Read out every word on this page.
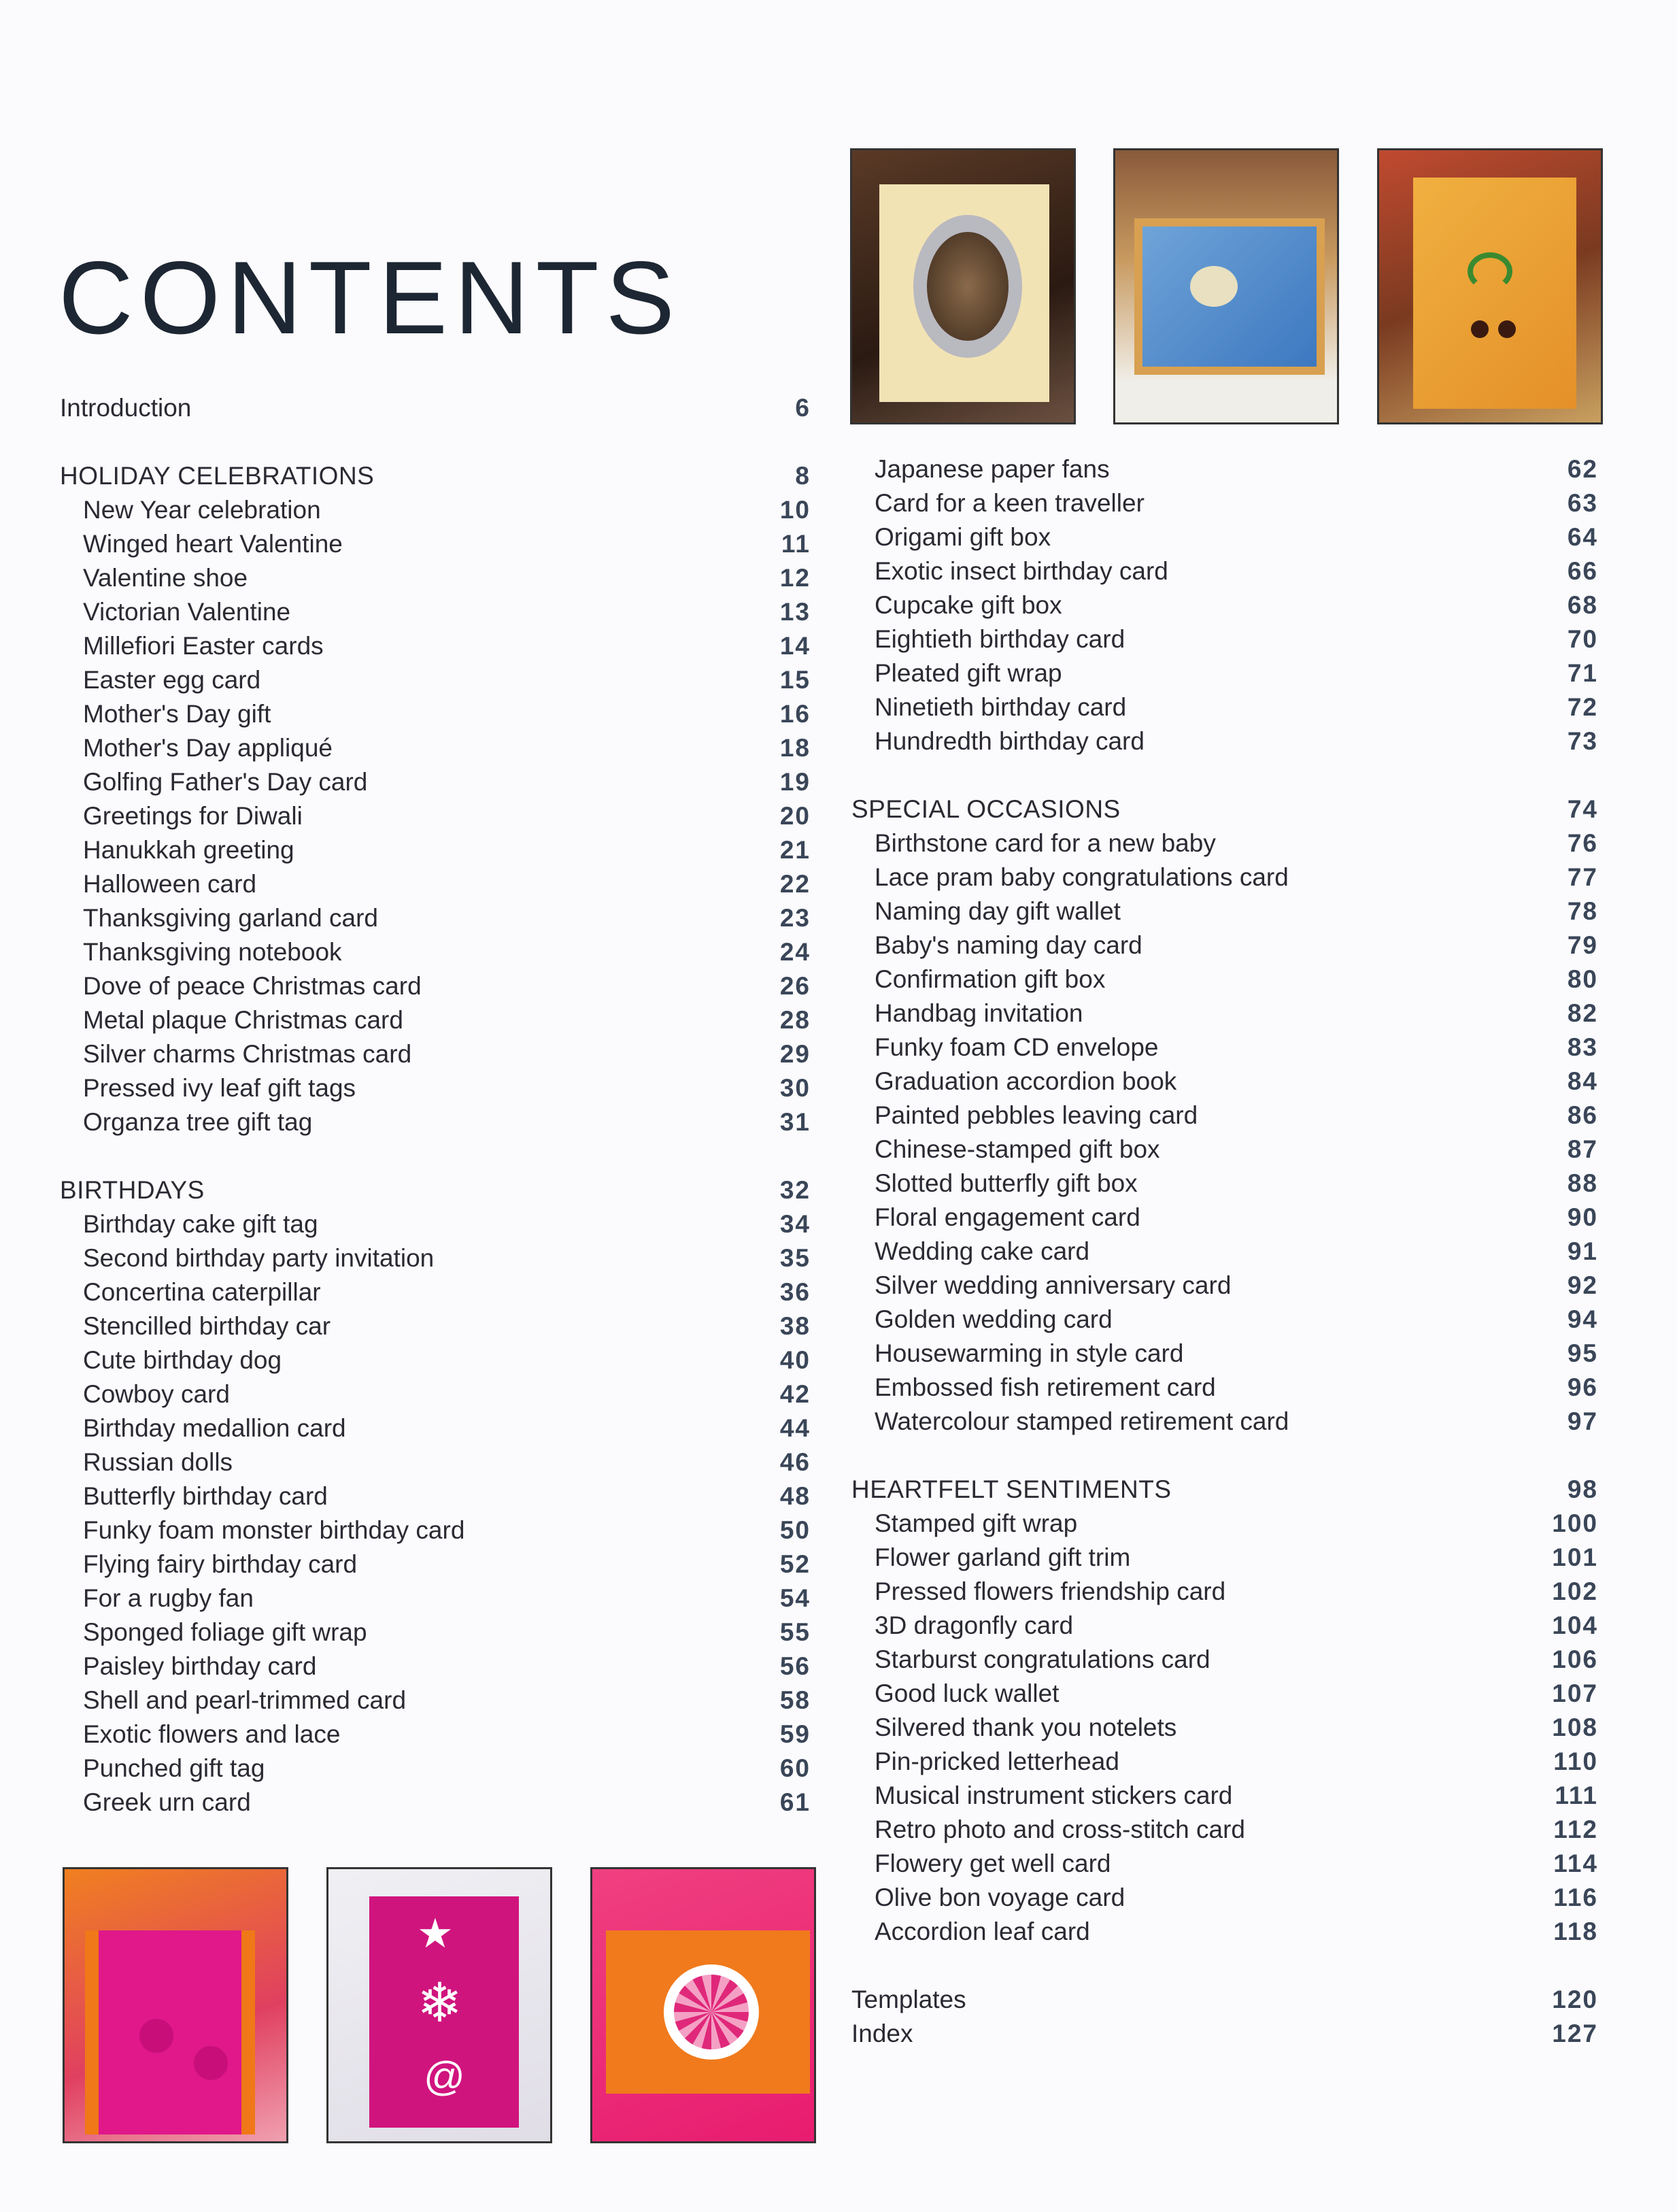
CONTENTS
Introduction	6
HOLIDAY CELEBRATIONS	8
New Year celebration	10
Winged heart Valentine	11
Valentine shoe	12
Victorian Valentine	13
Millefiori Easter cards	14
Easter egg card	15
Mother's Day gift	16
Mother's Day appliqué	18
Golfing Father's Day card	19
Greetings for Diwali	20
Hanukkah greeting	21
Halloween card	22
Thanksgiving garland card	23
Thanksgiving notebook	24
Dove of peace Christmas card	26
Metal plaque Christmas card	28
Silver charms Christmas card	29
Pressed ivy leaf gift tags	30
Organza tree gift tag	31
BIRTHDAYS	32
Birthday cake gift tag	34
Second birthday party invitation	35
Concertina caterpillar	36
Stencilled birthday car	38
Cute birthday dog	40
Cowboy card	42
Birthday medallion card	44
Russian dolls	46
Butterfly birthday card	48
Funky foam monster birthday card	50
Flying fairy birthday card	52
For a rugby fan	54
Sponged foliage gift wrap	55
Paisley birthday card	56
Shell and pearl-trimmed card	58
Exotic flowers and lace	59
Punched gift tag	60
Greek urn card	61
Japanese paper fans	62
Card for a keen traveller	63
Origami gift box	64
Exotic insect birthday card	66
Cupcake gift box	68
Eightieth birthday card	70
Pleated gift wrap	71
Ninetieth birthday card	72
Hundredth birthday card	73
SPECIAL OCCASIONS	74
Birthstone card for a new baby	76
Lace pram baby congratulations card	77
Naming day gift wallet	78
Baby's naming day card	79
Confirmation gift box	80
Handbag invitation	82
Funky foam CD envelope	83
Graduation accordion book	84
Painted pebbles leaving card	86
Chinese-stamped gift box	87
Slotted butterfly gift box	88
Floral engagement card	90
Wedding cake card	91
Silver wedding anniversary card	92
Golden wedding card	94
Housewarming in style card	95
Embossed fish retirement card	96
Watercolour stamped retirement card	97
HEARTFELT SENTIMENTS	98
Stamped gift wrap	100
Flower garland gift trim	101
Pressed flowers friendship card	102
3D dragonfly card	104
Starburst congratulations card	106
Good luck wallet	107
Silvered thank you notelets	108
Pin-pricked letterhead	110
Musical instrument stickers card	111
Retro photo and cross-stitch card	112
Flowery get well card	114
Olive bon voyage card	116
Accordion leaf card	118
Templates	120
Index	127
★
❄
@
